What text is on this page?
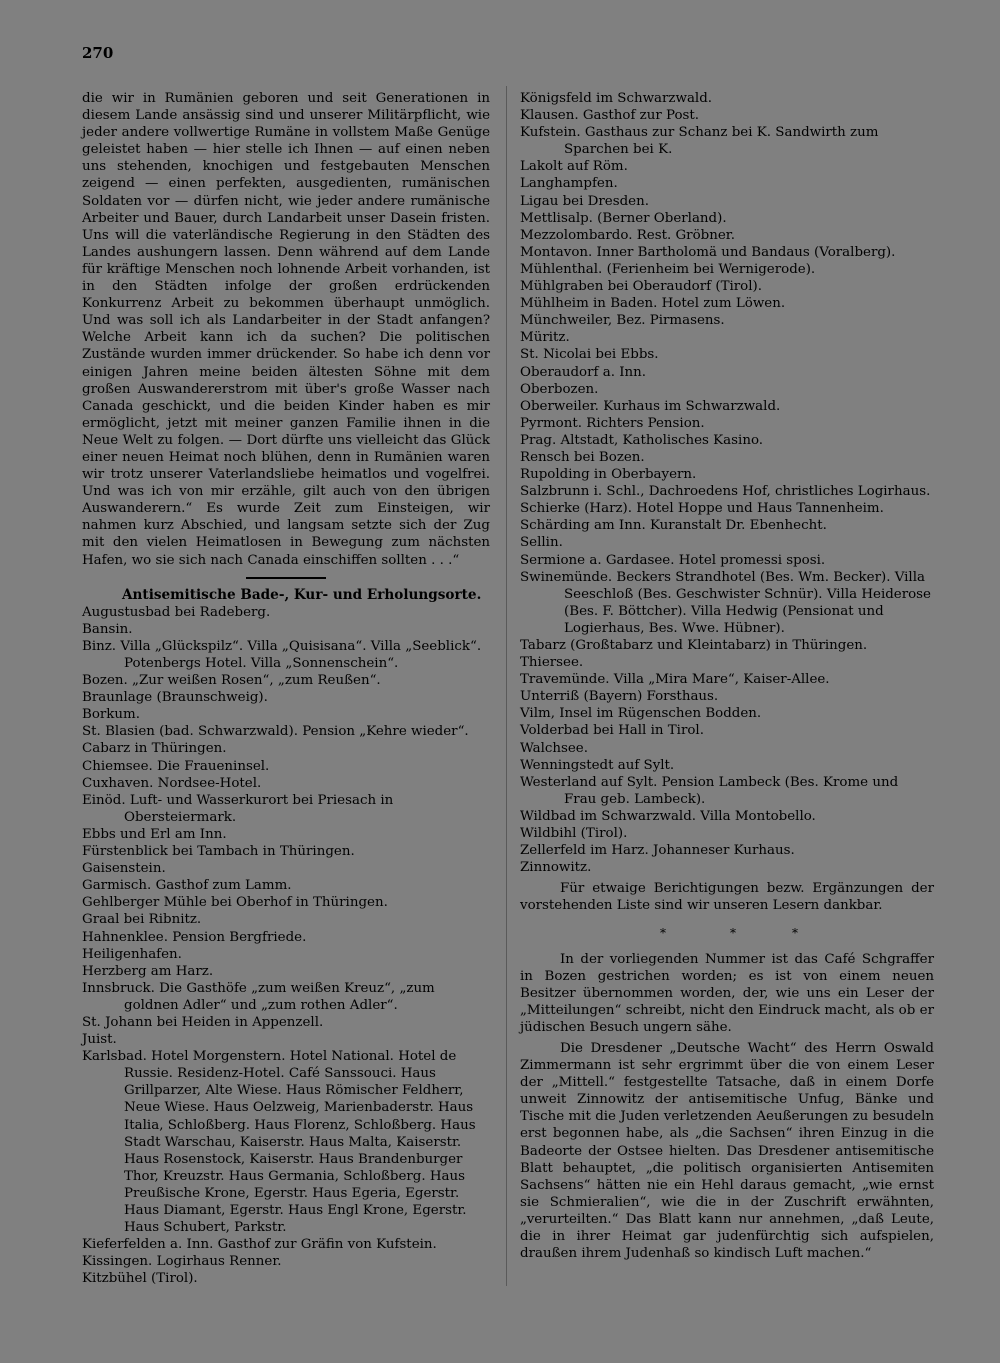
270

die wir in Rumänien geboren und seit Generationen in diesem Lande ansässig sind und unserer Militärpflicht, wie jeder andere vollwertige Rumäne in vollstem Maße Genüge geleistet haben — hier stelle ich Ihnen — auf einen neben uns stehenden, knochigen und festgebauten Menschen zeigend — einen perfekten, ausgedienten, rumänischen Soldaten vor — dürfen nicht, wie jeder andere rumänische Arbeiter und Bauer, durch Landarbeit unser Dasein fristen. Uns will die vaterländische Regierung in den Städten des Landes aushungern lassen. Denn während auf dem Lande für kräftige Menschen noch lohnende Arbeit vorhanden, ist in den Städten infolge der großen erdrückenden Konkurrenz Arbeit zu bekommen überhaupt unmöglich. Und was soll ich als Landarbeiter in der Stadt anfangen? Welche Arbeit kann ich da suchen? Die politischen Zustände wurden immer drückender. So habe ich denn vor einigen Jahren meine beiden ältesten Söhne mit dem großen Auswandererstrom mit über's große Wasser nach Canada geschickt, und die beiden Kinder haben es mir ermöglicht, jetzt mit meiner ganzen Familie ihnen in die Neue Welt zu folgen. — Dort dürfte uns vielleicht das Glück einer neuen Heimat noch blühen, denn in Rumänien waren wir trotz unserer Vaterlandsliebe heimatlos und vogelfrei. Und was ich von mir erzähle, gilt auch von den übrigen Auswanderern.“ Es wurde Zeit zum Einsteigen, wir nahmen kurz Abschied, und langsam setzte sich der Zug mit den vielen Heimatlosen in Bewegung zum nächsten Hafen, wo sie sich nach Canada einschiffen sollten . . .“

Antisemitische Bade-, Kur- und Erholungsorte.

Augustusbad bei Radeberg.
Bansin.
Binz. Villa „Glückspilz“. Villa „Quisisana“. Villa „Seeblick“. Potenbergs Hotel. Villa „Sonnenschein“.
Bozen. „Zur weißen Rosen“, „zum Reußen“.
Braunlage (Braunschweig).
Borkum.
St. Blasien (bad. Schwarzwald). Pension „Kehre wieder“.
Cabarz in Thüringen.
Chiemsee. Die Fraueninsel.
Cuxhaven. Nordsee-Hotel.
Einöd. Luft- und Wasserkurort bei Priesach in Obersteiermark.
Ebbs und Erl am Inn.
Fürstenblick bei Tambach in Thüringen.
Gaisenstein.
Garmisch. Gasthof zum Lamm.
Gehlberger Mühle bei Oberhof in Thüringen.
Graal bei Ribnitz.
Hahnenklee. Pension Bergfriede.
Heiligenhafen.
Herzberg am Harz.
Innsbruck. Die Gasthöfe „zum weißen Kreuz“, „zum goldnen Adler“ und „zum rothen Adler“.
St. Johann bei Heiden in Appenzell.
Juist.
Karlsbad. Hotel Morgenstern. Hotel National. Hotel de Russie. Residenz-Hotel. Café Sanssouci. Haus Grillparzer, Alte Wiese. Haus Römischer Feldherr, Neue Wiese. Haus Oelzweig, Marienbaderstr. Haus Italia, Schloßberg. Haus Florenz, Schloßberg. Haus Stadt Warschau, Kaiserstr. Haus Malta, Kaiserstr. Haus Rosenstock, Kaiserstr. Haus Brandenburger Thor, Kreuzstr. Haus Germania, Schloßberg. Haus Preußische Krone, Egerstr. Haus Egeria, Egerstr. Haus Diamant, Egerstr. Haus Engl Krone, Egerstr. Haus Schubert, Parkstr.
Kieferfelden a. Inn. Gasthof zur Gräfin von Kufstein.
Kissingen. Logirhaus Renner.
Kitzbühel (Tirol).
Königsfeld im Schwarzwald.
Klausen. Gasthof zur Post.
Kufstein. Gasthaus zur Schanz bei K. Sandwirth zum Sparchen bei K.
Lakolt auf Röm.
Langhampfen.
Ligau bei Dresden.
Mettlisalp. (Berner Oberland).
Mezzolombardo. Rest. Gröbner.
Montavon. Inner Bartholomä und Bandaus (Voralberg).
Mühlenthal. (Ferienheim bei Wernigerode).
Mühlgraben bei Oberaudorf (Tirol).
Mühlheim in Baden. Hotel zum Löwen.
Münchweiler, Bez. Pirmasens.
Müritz.
St. Nicolai bei Ebbs.
Oberaudorf a. Inn.
Oberbozen.
Oberweiler. Kurhaus im Schwarzwald.
Pyrmont. Richters Pension.
Prag. Altstadt, Katholisches Kasino.
Rensch bei Bozen.
Rupolding in Oberbayern.
Salzbrunn i. Schl., Dachroedens Hof, christliches Logirhaus.
Schierke (Harz). Hotel Hoppe und Haus Tannenheim.
Schärding am Inn. Kuranstalt Dr. Ebenhecht.
Sellin.
Sermione a. Gardasee. Hotel promessi sposi.
Swinemünde. Beckers Strandhotel (Bes. Wm. Becker). Villa Seeschloß (Bes. Geschwister Schnür). Villa Heiderose (Bes. F. Böttcher). Villa Hedwig (Pensionat und Logierhaus, Bes. Wwe. Hübner).
Tabarz (Großtabarz und Kleintabarz) in Thüringen.
Thiersee.
Travemünde. Villa „Mira Mare“, Kaiser-Allee.
Unterriß (Bayern) Forsthaus.
Vilm, Insel im Rügenschen Bodden.
Volderbad bei Hall in Tirol.
Walchsee.
Wenningstedt auf Sylt.
Westerland auf Sylt. Pension Lambeck (Bes. Krome und Frau geb. Lambeck).
Wildbad im Schwarzwald. Villa Montobello.
Wildbihl (Tirol).
Zellerfeld im Harz. Johanneser Kurhaus.
Zinnowitz.

Für etwaige Berichtigungen bezw. Ergänzungen der vorstehenden Liste sind wir unseren Lesern dankbar.

*	*	*

In der vorliegenden Nummer ist das Café Schgraffer in Bozen gestrichen worden; es ist von einem neuen Besitzer übernommen worden, der, wie uns ein Leser der „Mitteilungen“ schreibt, nicht den Eindruck macht, als ob er jüdischen Besuch ungern sähe.

Die Dresdener „Deutsche Wacht“ des Herrn Oswald Zimmermann ist sehr ergrimmt über die von einem Leser der „Mittell.“ festgestellte Tatsache, daß in einem Dorfe unweit Zinnowitz der antisemitische Unfug, Bänke und Tische mit die Juden verletzenden Aeußerungen zu besudeln erst begonnen habe, als „die Sachsen“ ihren Einzug in die Badeorte der Ostsee hielten. Das Dresdener antisemitische Blatt behauptet, „die politisch organisierten Antisemiten Sachsens“ hätten nie ein Hehl daraus gemacht, „wie ernst sie Schmieralien“, wie die in der Zuschrift erwähnten, „verurteilten.“ Das Blatt kann nur annehmen, „daß Leute, die in ihrer Heimat gar judenfürchtig sich aufspielen, draußen ihrem Judenhaß so kindisch Luft machen.“
